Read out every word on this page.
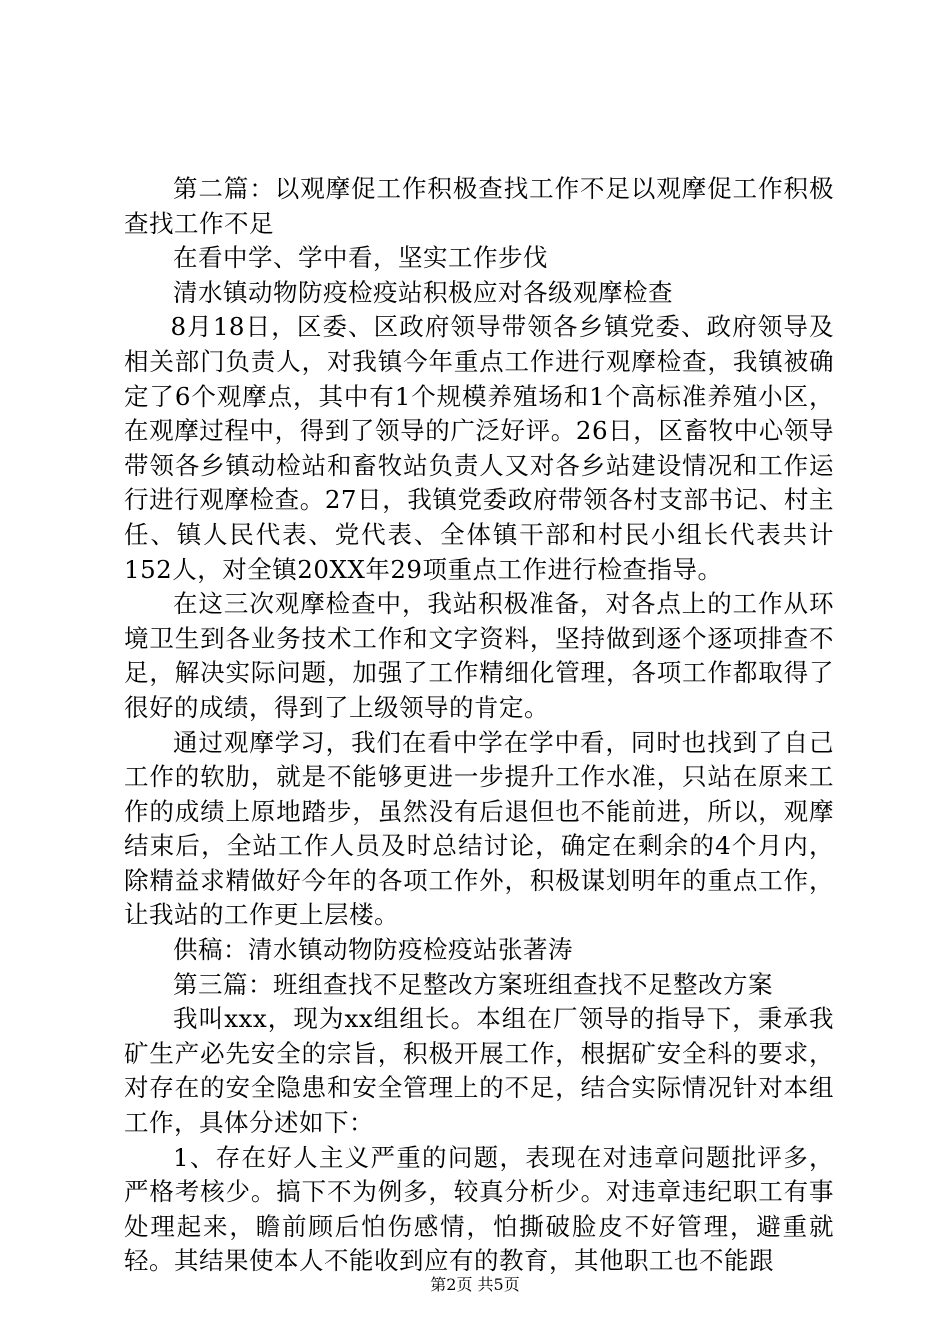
第二篇：以观摩促工作积极查找工作不足以观摩促工作积极查找工作不足

在看中学、学中看，坚实工作步伐

清水镇动物防疫检疫站积极应对各级观摩检查

8月18日，区委、区政府领导带领各乡镇党委、政府领导及相关部门负责人，对我镇今年重点工作进行观摩检查，我镇被确定了6个观摩点，其中有1个规模养殖场和1个高标准养殖小区，在观摩过程中，得到了领导的广泛好评。26日，区畜牧中心领导带领各乡镇动检站和畜牧站负责人又对各乡站建设情况和工作运行进行观摩检查。27日，我镇党委政府带领各村支部书记、村主任、镇人民代表、党代表、全体镇干部和村民小组长代表共计152人，对全镇20XX年29项重点工作进行检查指导。

在这三次观摩检查中，我站积极准备，对各点上的工作从环境卫生到各业务技术工作和文字资料，坚持做到逐个逐项排查不足，解决实际问题，加强了工作精细化管理，各项工作都取得了很好的成绩，得到了上级领导的肯定。

通过观摩学习，我们在看中学在学中看，同时也找到了自己工作的软肋，就是不能够更进一步提升工作水准，只站在原来工作的成绩上原地踏步，虽然没有后退但也不能前进，所以，观摩结束后，全站工作人员及时总结讨论，确定在剩余的4个月内，除精益求精做好今年的各项工作外，积极谋划明年的重点工作，让我站的工作更上层楼。

供稿：清水镇动物防疫检疫站张著涛

第三篇：班组查找不足整改方案班组查找不足整改方案

我叫xxx，现为xx组组长。本组在厂领导的指导下，秉承我矿生产必先安全的宗旨，积极开展工作，根据矿安全科的要求，对存在的安全隐患和安全管理上的不足，结合实际情况针对本组工作，具体分述如下：

1、存在好人主义严重的问题，表现在对违章问题批评多，严格考核少。搞下不为例多，较真分析少。对违章违纪职工有事处理起来，瞻前顾后怕伤感情，怕撕破脸皮不好管理，避重就轻。其结果使本人不能收到应有的教育，其他职工也不能跟

第2页 共5页
